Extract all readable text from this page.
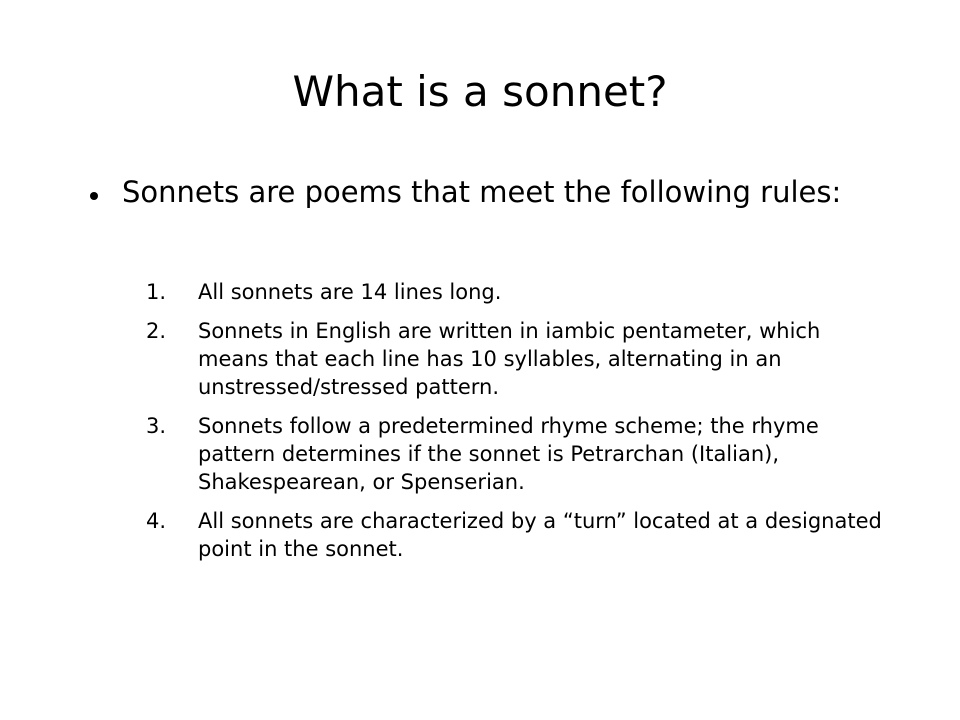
What is a sonnet?
Sonnets are poems that meet the following rules:
1. All sonnets are 14 lines long.
2. Sonnets in English are written in iambic pentameter, which means that each line has 10 syllables, alternating in an unstressed/stressed pattern.
3. Sonnets follow a predetermined rhyme scheme; the rhyme pattern determines if the sonnet is Petrarchan (Italian), Shakespearean, or Spenserian.
4. All sonnets are characterized by a “turn” located at a designated point in the sonnet.
